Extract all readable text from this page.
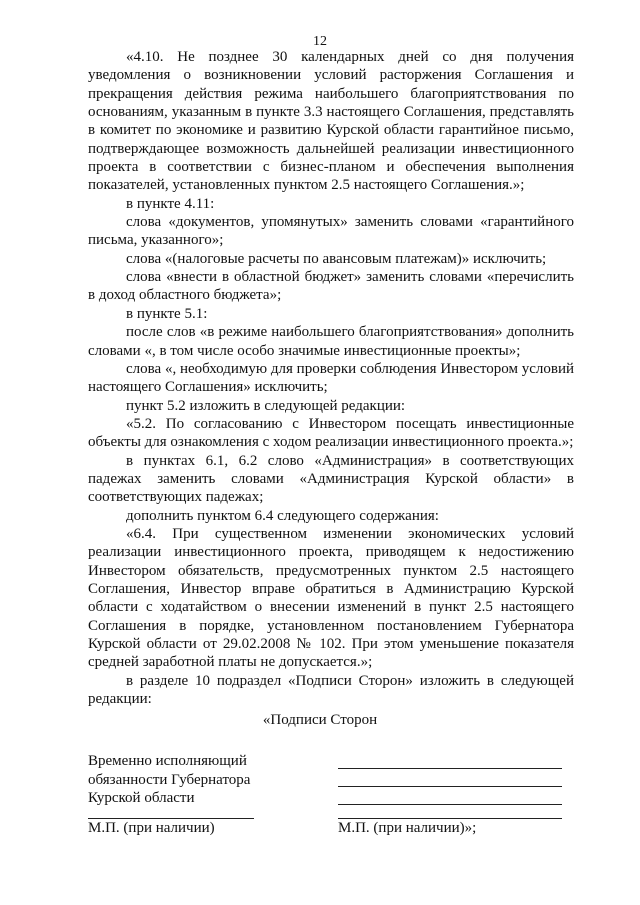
12

«4.10. Не позднее 30 календарных дней со дня получения уведомления о возникновении условий расторжения Соглашения и прекращения действия режима наибольшего благоприятствования по основаниям, указанным в пункте 3.3 настоящего Соглашения, представлять в комитет по экономике и развитию Курской области гарантийное письмо, подтверждающее возможность дальнейшей реализации инвестиционного проекта в соответствии с бизнес-планом и обеспечения выполнения показателей, установленных пунктом 2.5 настоящего Соглашения.»;

в пункте 4.11:

слова «документов, упомянутых» заменить словами «гарантийного письма, указанного»;

слова «(налоговые расчеты по авансовым платежам)» исключить;

слова «внести в областной бюджет» заменить словами «перечислить в доход областного бюджета»;

в пункте 5.1:

после слов «в режиме наибольшего благоприятствования» дополнить словами «, в том числе особо значимые инвестиционные проекты»;

слова «, необходимую для проверки соблюдения Инвестором условий настоящего Соглашения» исключить;

пункт 5.2 изложить в следующей редакции:

«5.2. По согласованию с Инвестором посещать инвестиционные объекты для ознакомления с ходом реализации инвестиционного проекта.»;

в пунктах 6.1, 6.2 слово «Администрация» в соответствующих падежах заменить словами «Администрация Курской области» в соответствующих падежах;

дополнить пунктом 6.4 следующего содержания:

«6.4. При существенном изменении экономических условий реализации инвестиционного проекта, приводящем к недостижению Инвестором обязательств, предусмотренных пунктом 2.5 настоящего Соглашения, Инвестор вправе обратиться в Администрацию Курской области с ходатайством о внесении изменений в пункт 2.5 настоящего Соглашения в порядке, установленном постановлением Губернатора Курской области от 29.02.2008 № 102. При этом уменьшение показателя средней заработной платы не допускается.»;

в разделе 10 подраздел «Подписи Сторон» изложить в следующей редакции:

«Подписи Сторон
Временно исполняющий
обязанности Губернатора
Курской области
М.П. (при наличии)	М.П. (при наличии)»;
